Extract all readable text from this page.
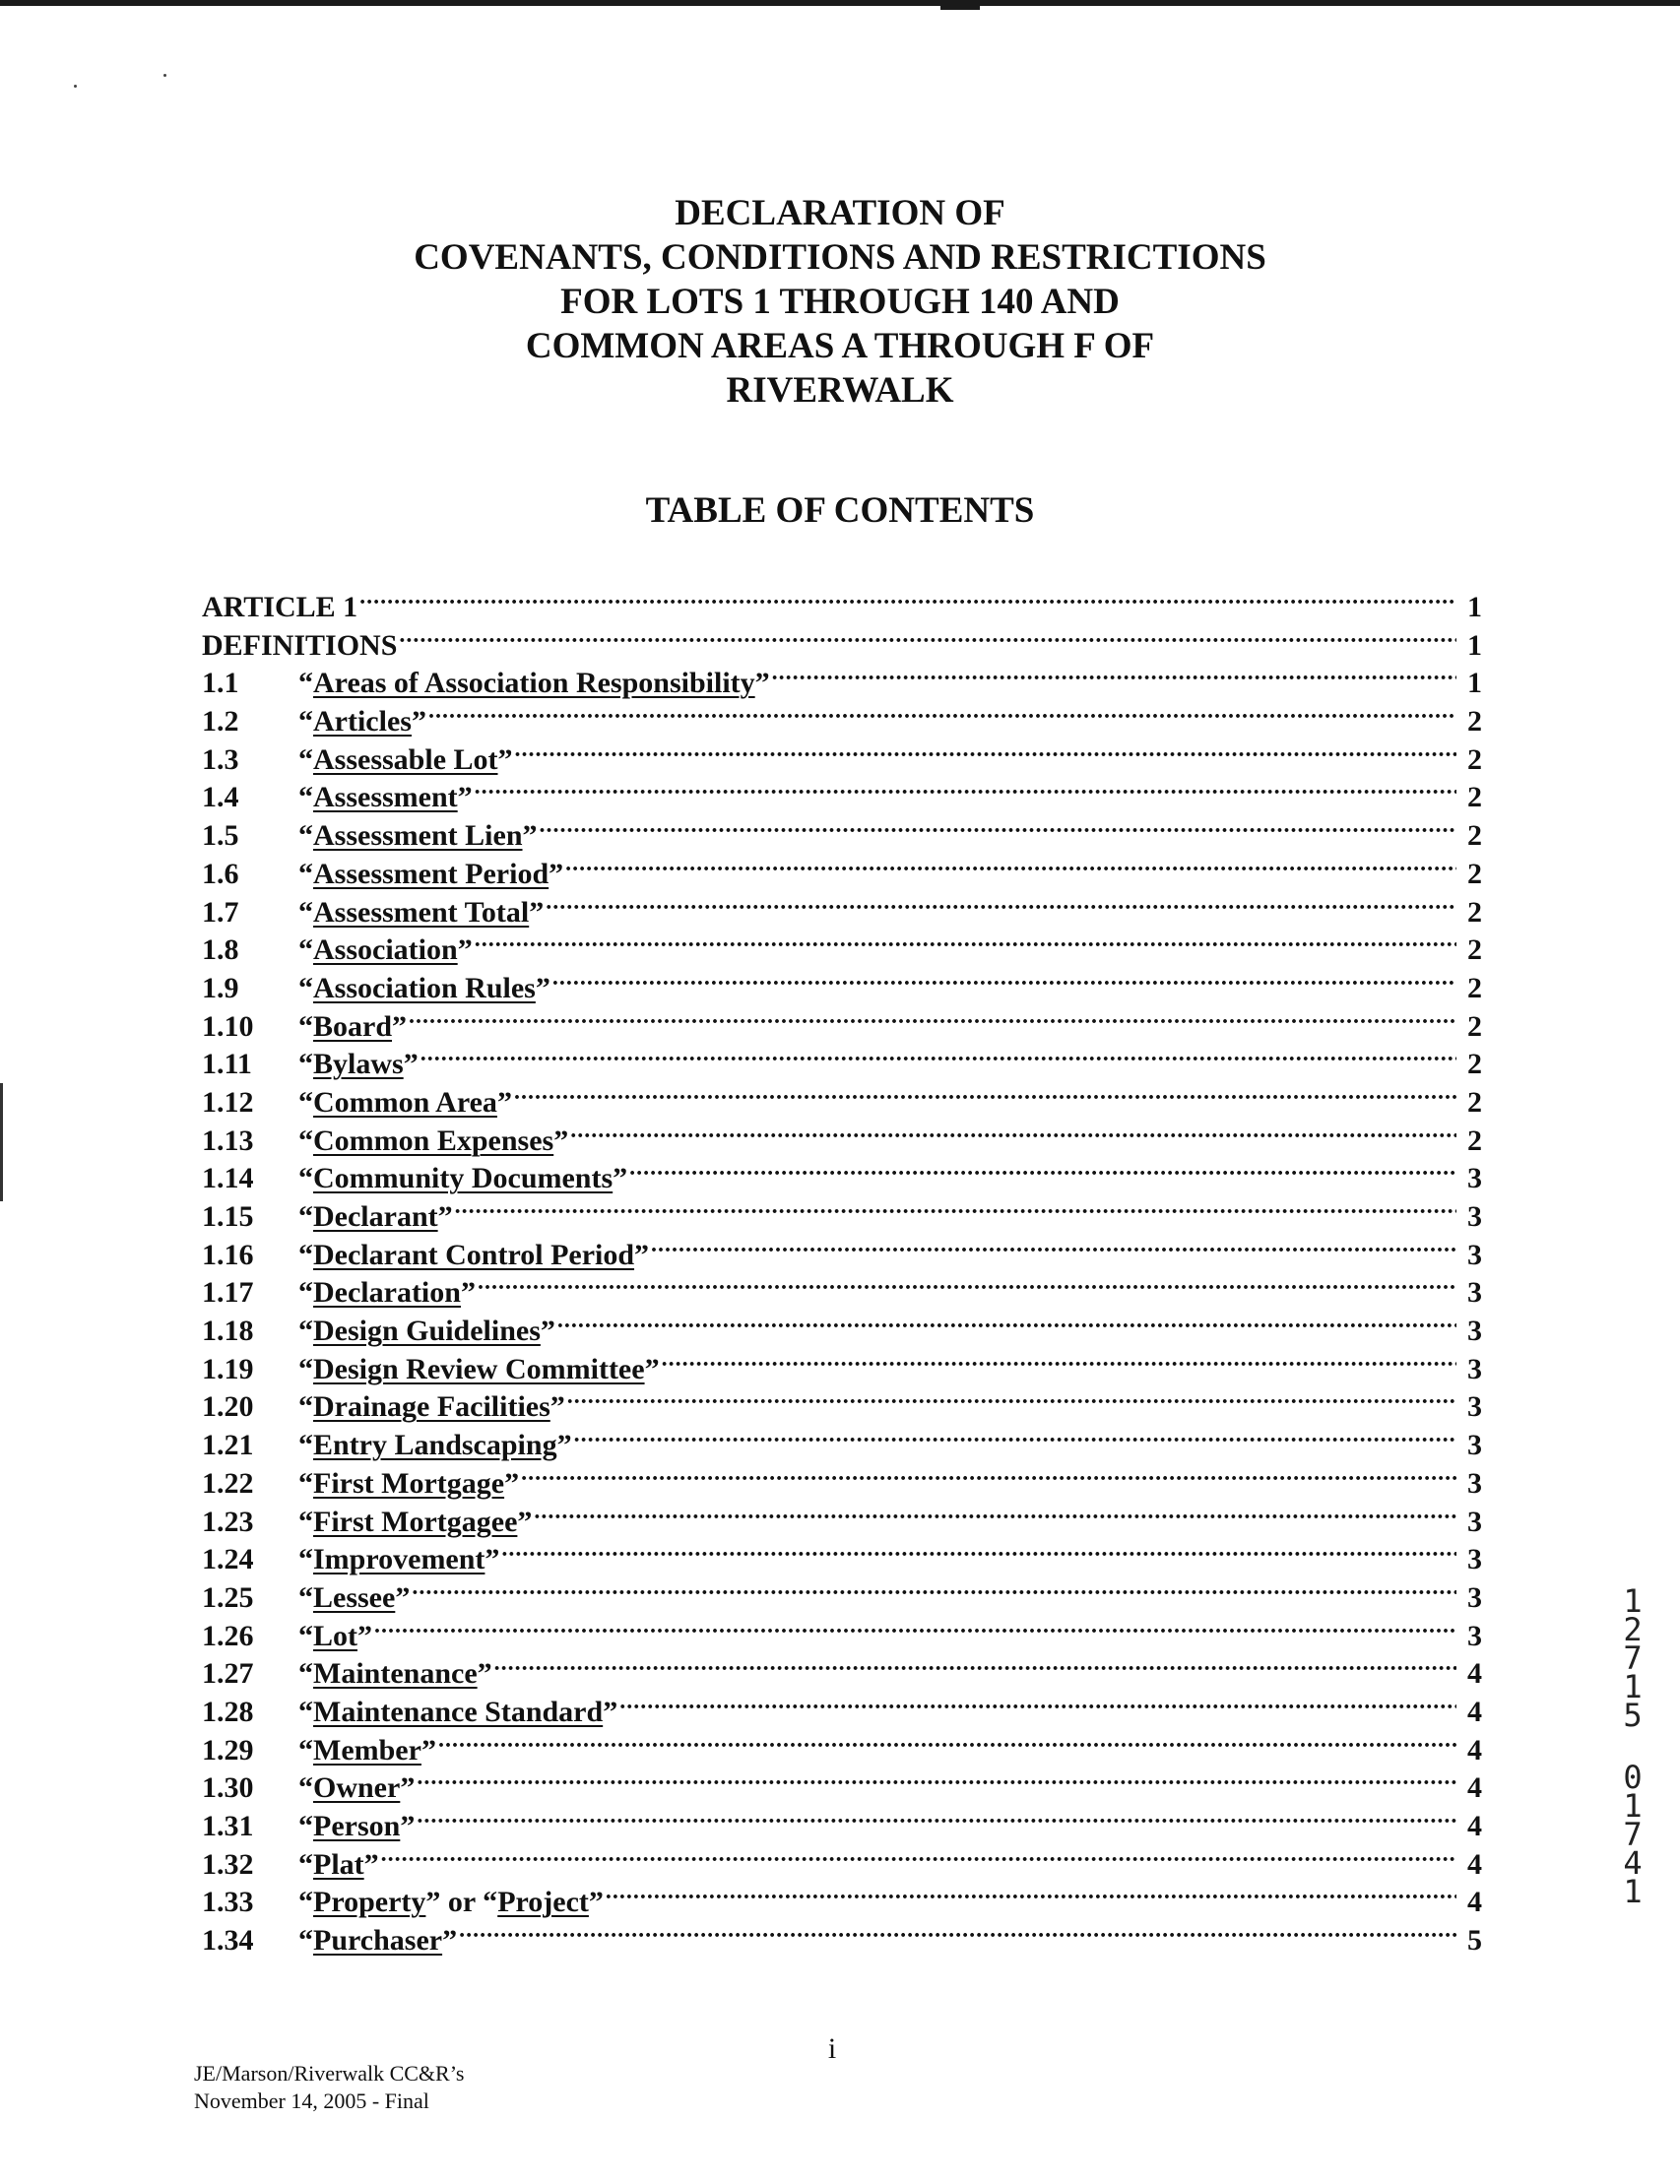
DECLARATION OF

COVENANTS, CONDITIONS AND RESTRICTIONS

FOR LOTS 1 THROUGH 140 AND

COMMON AREAS A THROUGH F OF

RIVERWALK

TABLE OF CONTENTS
ARTICLE 1 .....	1
DEFINITIONS .....	1
1.1	“Areas of Association Responsibility” .....	1
1.2	“Articles” .....	2
1.3	“Assessable Lot” .....	2
1.4	“Assessment” .....	2
1.5	“Assessment Lien” .....	2
1.6	“Assessment Period” .....	2
1.7	“Assessment Total” .....	2
1.8	“Association” .....	2
1.9	“Association Rules” .....	2
1.10	“Board” .....	2
1.11	“Bylaws” .....	2
1.12	“Common Area” .....	2
1.13	“Common Expenses” .....	2
1.14	“Community Documents” .....	3
1.15	“Declarant” .....	3
1.16	“Declarant Control Period” .....	3
1.17	“Declaration” .....	3
1.18	“Design Guidelines” .....	3
1.19	“Design Review Committee” .....	3
1.20	“Drainage Facilities” .....	3
1.21	“Entry Landscaping” .....	3
1.22	“First Mortgage” .....	3
1.23	“First Mortgagee” .....	3
1.24	“Improvement” .....	3
1.25	“Lessee” .....	3
1.26	“Lot” .....	3
1.27	“Maintenance” .....	4
1.28	“Maintenance Standard” .....	4
1.29	“Member” .....	4
1.30	“Owner” .....	4
1.31	“Person” .....	4
1.32	“Plat” .....	4
1.33	“Property” or “Project” .....	4
1.34	“Purchaser” .....	5
i
JE/Marson/Riverwalk CC&R’s
November 14, 2005 - Final
1
2
7
1
5
0
1
7
4
1
